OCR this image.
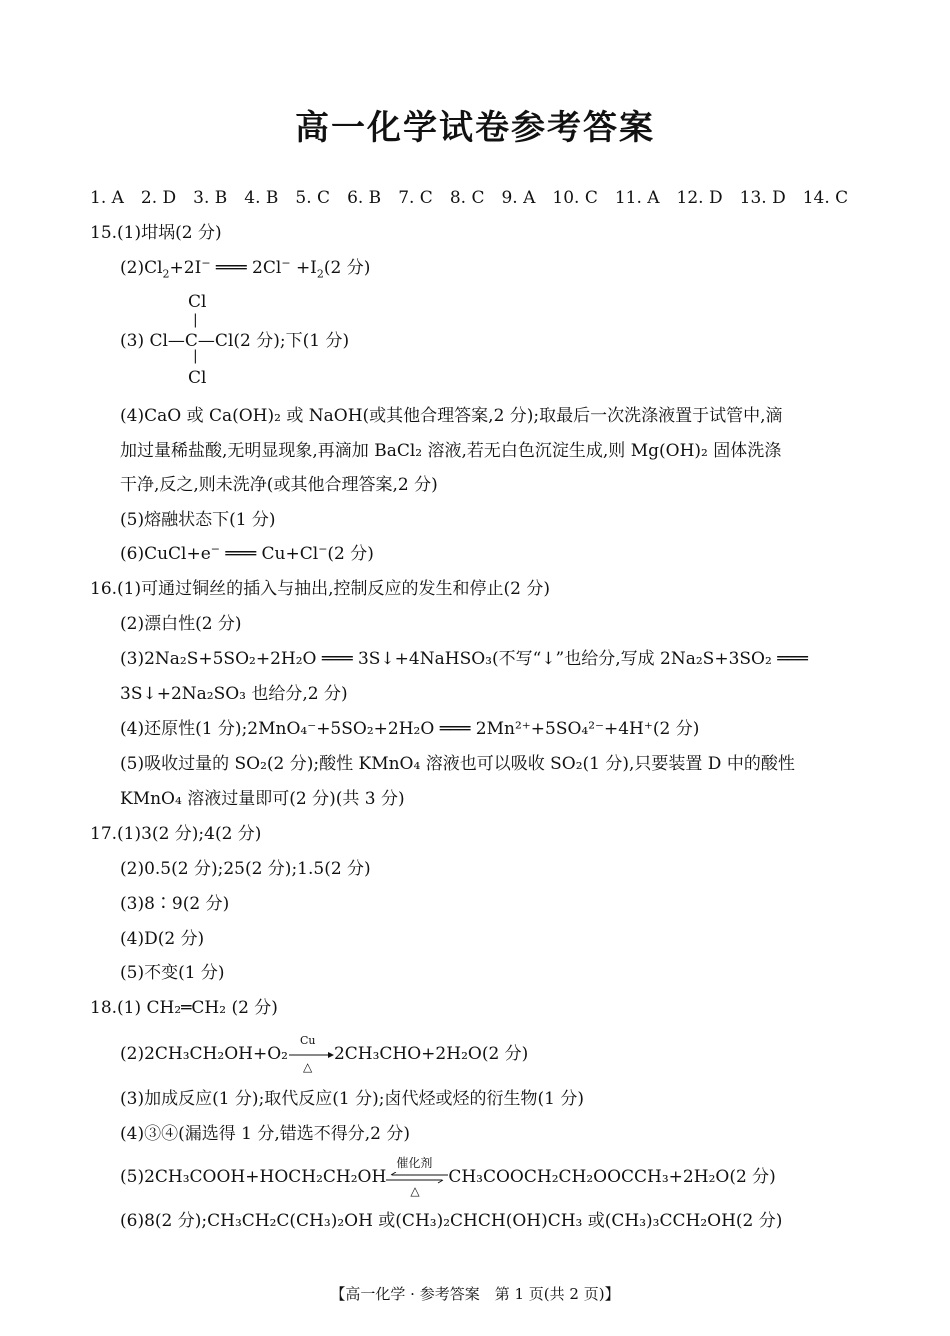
高一化学试卷参考答案
1. A 2. D 3. B 4. B 5. C 6. B 7. C 8. C 9. A 10. C 11. A 12. D 13. D 14. C
15.(1)坩埚(2 分)
$(2)Cl_2+2I^-$ ═══ $2Cl^- +I_2(2$ 分)
Cl
|
(3) Cl—C—Cl(2 分);下(1 分)
|
Cl
(4)CaO 或 Ca(OH)₂ 或 NaOH(或其他合理答案,2 分);取最后一次洗涤液置于试管中,滴
加过量稀盐酸,无明显现象,再滴加 BaCl₂ 溶液,若无白色沉淀生成,则 Mg(OH)₂ 固体洗涤
干净,反之,则未洗净(或其他合理答案,2 分)
(5)熔融状态下(1 分)
(6)CuCl+e− ═══ Cu+Cl−(2 分)
16.(1)可通过铜丝的插入与抽出,控制反应的发生和停止(2 分)
(2)漂白性(2 分)
(3)2Na₂S+5SO₂+2H₂O ═══ 3S↓+4NaHSO₃(不写“↓”也给分,写成 2Na₂S+3SO₂ ═══
3S↓+2Na₂SO₃ 也给分,2 分)
(4)还原性(1 分);2MnO₄⁻+5SO₂+2H₂O ═══ 2Mn²⁺+5SO₄²⁻+4H⁺(2 分)
(5)吸收过量的 SO₂(2 分);酸性 KMnO₄ 溶液也可以吸收 SO₂(1 分),只要装置 D 中的酸性
KMnO₄ 溶液过量即可(2 分)(共 3 分)
17.(1)3(2 分);4(2 分)
(2)0.5(2 分);25(2 分);1.5(2 分)
(3)8∶9(2 分)
(4)D(2 分)
(5)不变(1 分)
18.(1) CH₂═CH₂ (2 分)
(2)2CH₃CH₂OH+O₂
Cu
△
2CH₃CHO+2H₂O(2 分)
(3)加成反应(1 分);取代反应(1 分);卤代烃或烃的衍生物(1 分)
(4)③④(漏选得 1 分,错选不得分,2 分)
(5)2CH₃COOH+HOCH₂CH₂OH
催化剂
△
CH₃COOCH₂CH₂OOCCH₃+2H₂O(2 分)
(6)8(2 分);CH₃CH₂C(CH₃)₂OH 或(CH₃)₂CHCH(OH)CH₃ 或(CH₃)₃CCH₂OH(2 分)
【高一化学 · 参考答案　第 1 页(共 2 页)】
